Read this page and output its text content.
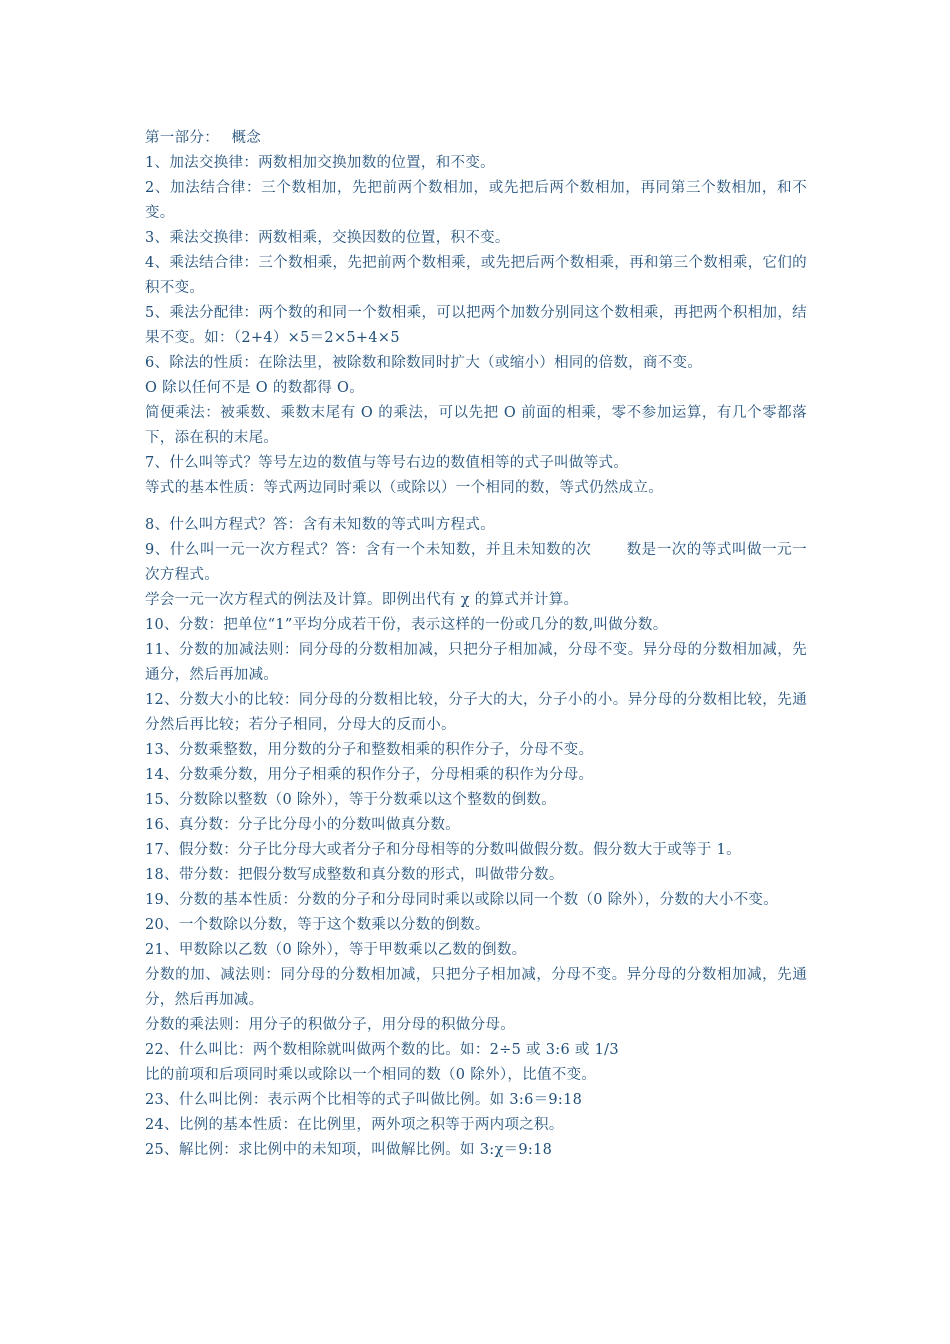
第一部分：　 概念
1、加法交换律：两数相加交换加数的位置，和不变。
2、加法结合律：三个数相加，先把前两个数相加，或先把后两个数相加，再同第三个数相加，和不变。
3、乘法交换律：两数相乘，交换因数的位置，积不变。
4、乘法结合律：三个数相乘，先把前两个数相乘，或先把后两个数相乘，再和第三个数相乘，它们的积不变。
5、乘法分配律：两个数的和同一个数相乘，可以把两个加数分别同这个数相乘，再把两个积相加，结果不变。如：（2+4）×5＝2×5+4×5
6、除法的性质：在除法里，被除数和除数同时扩大（或缩小）相同的倍数，商不变。
O 除以任何不是 O 的数都得 O。
简便乘法：被乘数、乘数末尾有 O 的乘法，可以先把 O 前面的相乘，零不参加运算，有几个零都落下，添在积的末尾。
7、什么叫等式？等号左边的数值与等号右边的数值相等的式子叫做等式。
等式的基本性质：等式两边同时乘以（或除以）一个相同的数，等式仍然成立。
8、什么叫方程式？答：含有未知数的等式叫方程式。
9、什么叫一元一次方程式？答：含有一个未知数，并且未知数的次　　 数是一次的等式叫做一元一次方程式。
学会一元一次方程式的例法及计算。即例出代有 χ 的算式并计算。
10、分数：把单位“1”平均分成若干份，表示这样的一份或几分的数,叫做分数。
11、分数的加减法则：同分母的分数相加减，只把分子相加减，分母不变。异分母的分数相加减，先通分，然后再加减。
12、分数大小的比较：同分母的分数相比较，分子大的大，分子小的小。异分母的分数相比较，先通分然后再比较；若分子相同，分母大的反而小。
13、分数乘整数，用分数的分子和整数相乘的积作分子，分母不变。
14、分数乘分数，用分子相乘的积作分子，分母相乘的积作为分母。
15、分数除以整数（0 除外），等于分数乘以这个整数的倒数。
16、真分数：分子比分母小的分数叫做真分数。
17、假分数：分子比分母大或者分子和分母相等的分数叫做假分数。假分数大于或等于 1。
18、带分数：把假分数写成整数和真分数的形式，叫做带分数。
19、分数的基本性质：分数的分子和分母同时乘以或除以同一个数（0 除外），分数的大小不变。
20、一个数除以分数，等于这个数乘以分数的倒数。
21、甲数除以乙数（0 除外），等于甲数乘以乙数的倒数。
分数的加、减法则：同分母的分数相加减，只把分子相加减，分母不变。异分母的分数相加减，先通分，然后再加减。
分数的乘法则：用分子的积做分子，用分母的积做分母。
22、什么叫比：两个数相除就叫做两个数的比。如：2÷5 或 3:6 或 1/3
比的前项和后项同时乘以或除以一个相同的数（0 除外），比值不变。
23、什么叫比例：表示两个比相等的式子叫做比例。如 3:6＝9:18
24、比例的基本性质：在比例里，两外项之积等于两内项之积。
25、解比例：求比例中的未知项，叫做解比例。如 3:χ＝9:18
